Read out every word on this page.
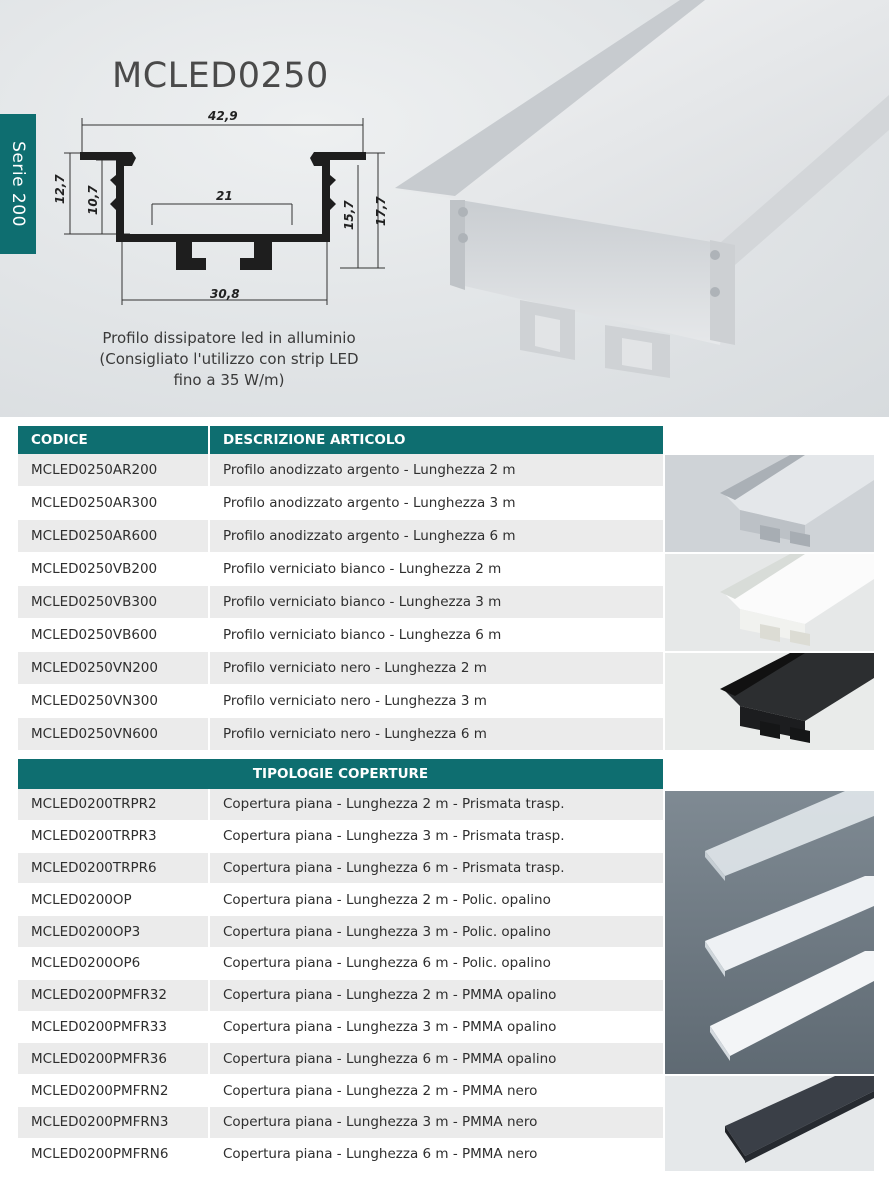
42,9
21
30,8
12,7 10,7
15,7 17,7
Serie 200
MCLED0250
Profilo dissipatore led in alluminio
(Consigliato l'utilizzo con strip LED
fino a 35 W/m)
CODICE	DESCRIZIONE ARTICOLO
MCLED0250AR200	Profilo anodizzato argento - Lunghezza 2 m
MCLED0250AR300	Profilo anodizzato argento - Lunghezza 3 m
MCLED0250AR600	Profilo anodizzato argento - Lunghezza 6 m
MCLED0250VB200	Profilo verniciato bianco - Lunghezza 2 m
MCLED0250VB300	Profilo verniciato bianco - Lunghezza 3 m
MCLED0250VB600	Profilo verniciato bianco - Lunghezza 6 m
MCLED0250VN200	Profilo verniciato nero - Lunghezza 2 m
MCLED0250VN300	Profilo verniciato nero - Lunghezza 3 m
MCLED0250VN600	Profilo verniciato nero - Lunghezza 6 m
TIPOLOGIE COPERTURE
MCLED0200TRPR2	Copertura piana - Lunghezza 2 m - Prismata trasp.
MCLED0200TRPR3	Copertura piana - Lunghezza 3 m - Prismata trasp.
MCLED0200TRPR6	Copertura piana - Lunghezza 6 m - Prismata trasp.
MCLED0200OP	Copertura piana - Lunghezza 2 m - Polic. opalino
MCLED0200OP3	Copertura piana - Lunghezza 3 m - Polic. opalino
MCLED0200OP6	Copertura piana - Lunghezza 6 m - Polic. opalino
MCLED0200PMFR32	Copertura piana - Lunghezza 2 m - PMMA opalino
MCLED0200PMFR33	Copertura piana - Lunghezza 3 m - PMMA opalino
MCLED0200PMFR36	Copertura piana - Lunghezza 6 m - PMMA opalino
MCLED0200PMFRN2	Copertura piana - Lunghezza 2 m - PMMA nero
MCLED0200PMFRN3	Copertura piana - Lunghezza 3 m - PMMA nero
MCLED0200PMFRN6	Copertura piana - Lunghezza 6 m - PMMA nero
